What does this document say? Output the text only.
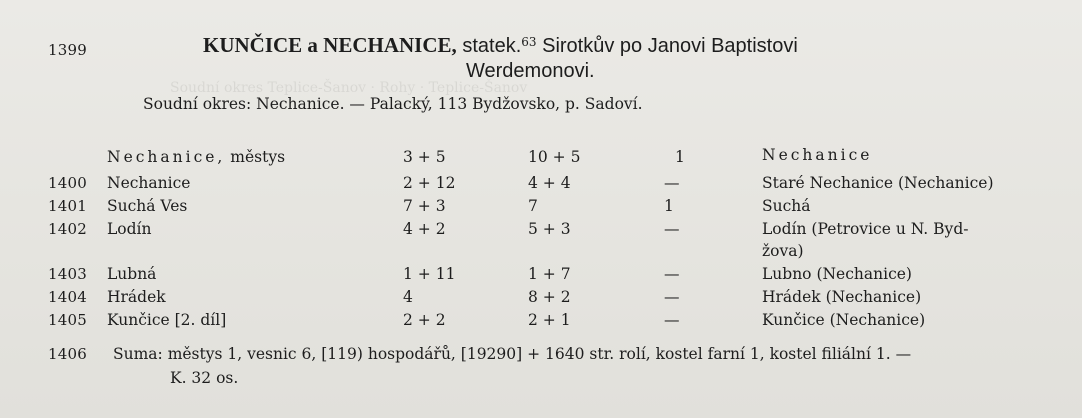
Soudní okres Teplice-Šanov · Rohy · Teplice-Šanov
1399	KUNČICE a NECHANICE, statek.$^{63}$ Sirotkův po Janovi Baptistovi
Werdemonovi.
Soudní okres: Nechanice. — Palacký, 113 Bydžovsko, p. Sadoví.
Nechanice, městys	3 + 5	10 + 5	1	Nechanice
1400 Nechanice	2 + 12	4 + 4	—	Staré Nechanice (Nechanice)
1401 Suchá Ves	7 + 3	7	1	Suchá
1402 Lodín	4 + 2	5 + 3	—	Lodín (Petrovice u N. Byd-
žova)
1403 Lubná	1 + 11	1 + 7	—	Lubno (Nechanice)
1404 Hrádek	4	8 + 2	—	Hrádek (Nechanice)
1405 Kunčice [2. díl]	2 + 2	2 + 1	—	Kunčice (Nechanice)
1406 Suma: městys 1, vesnic 6, [119) hospodářů, [19290] + 1640 str. rolí, kostel farní 1, kostel filiální 1. —
K. 32 os.
